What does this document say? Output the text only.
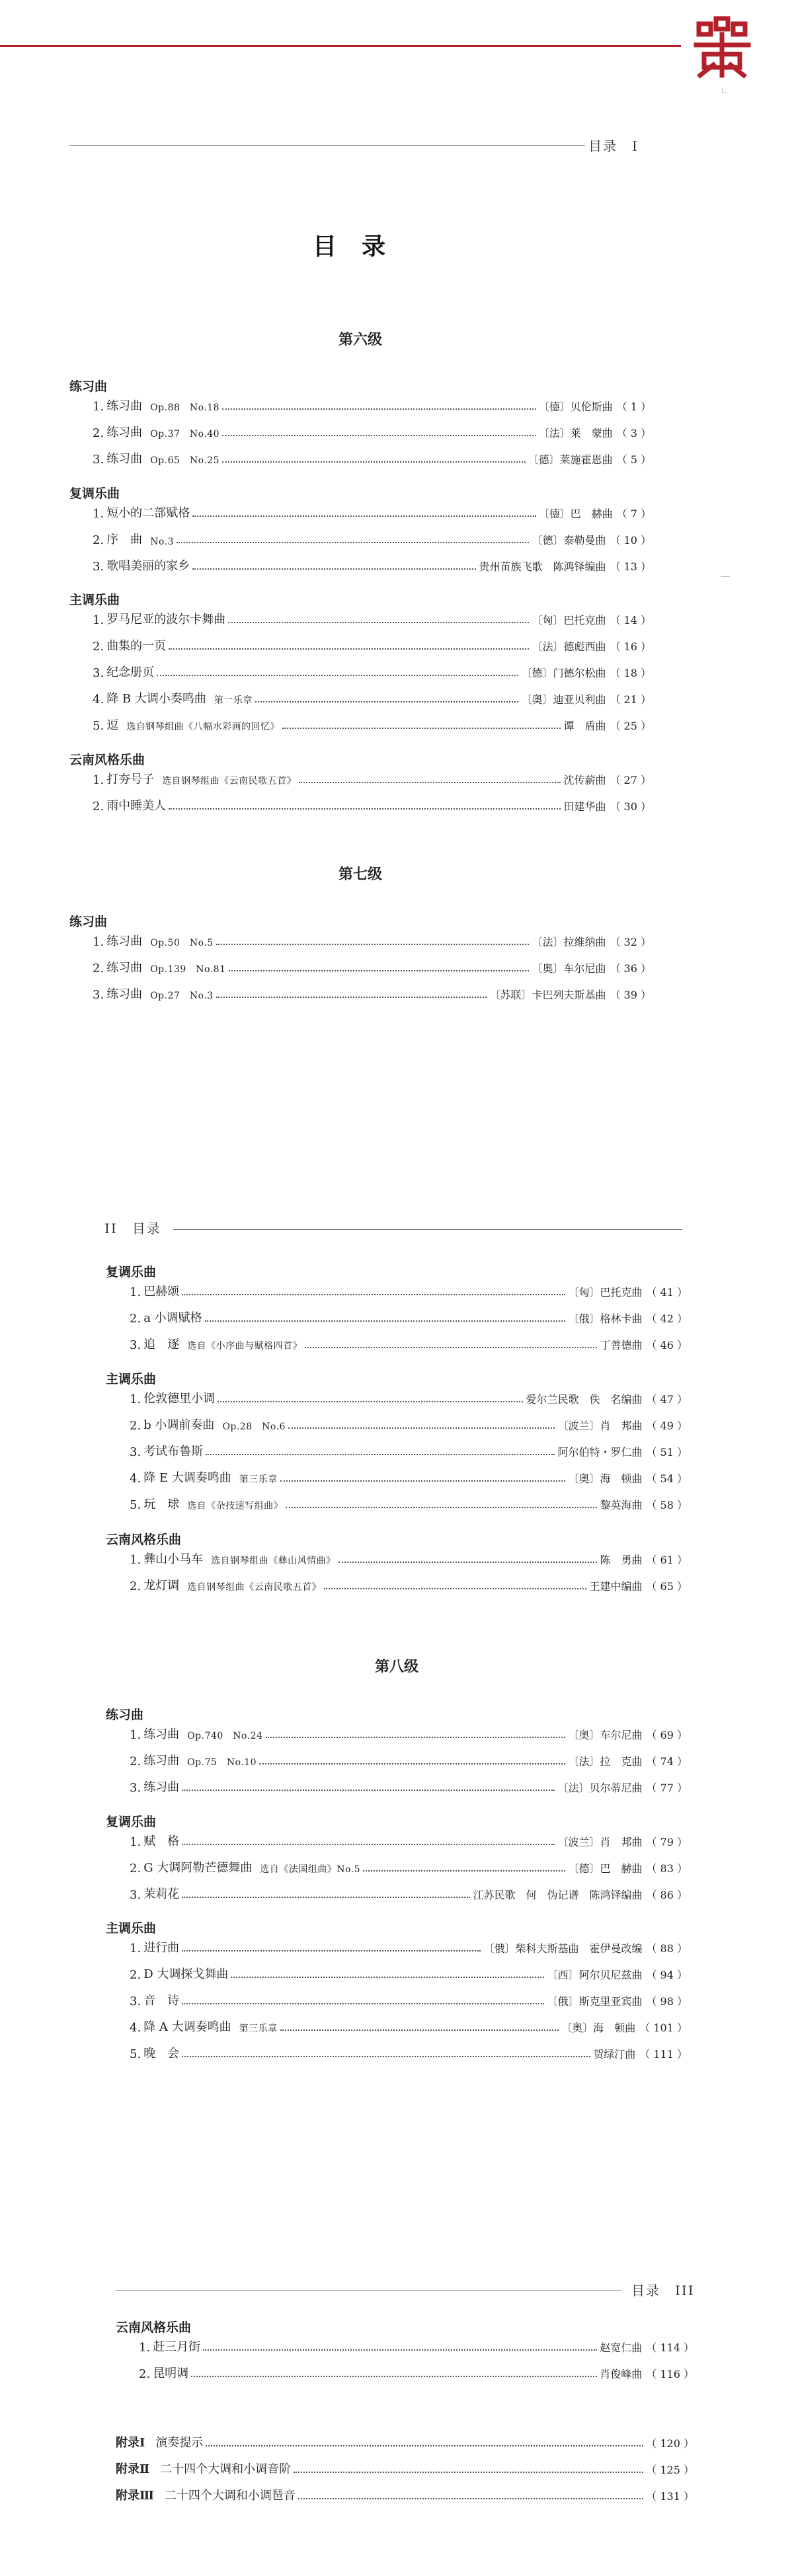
∟
目录 I
目录
第六级
练习曲
1. 练习曲 Op.88　No.18	〔德〕贝伦斯曲 （ 1 ）
2. 练习曲 Op.37　No.40	〔法〕莱　蒙曲 （ 3 ）
3. 练习曲 Op.65　No.25	〔德〕莱施霍恩曲 （ 5 ）
复调乐曲
1. 短小的二部赋格	〔德〕巴　赫曲 （ 7 ）
2. 序　曲 No.3	〔德〕泰勒曼曲 （ 10 ）
3. 歌唱美丽的家乡	贵州苗族飞歌　陈鸿铎编曲 （ 13 ）
主调乐曲
1. 罗马尼亚的波尔卡舞曲	〔匈〕巴托克曲 （ 14 ）
2. 曲集的一页	〔法〕德彪西曲 （ 16 ）
3. 纪念册页	〔德〕门德尔松曲 （ 18 ）
4. 降 B 大调小奏鸣曲 第一乐章	〔奥〕迪亚贝利曲 （ 21 ）
5. 逗 选自钢琴组曲《八幅水彩画的回忆》	谭　盾曲 （ 25 ）
云南风格乐曲
1. 打夯号子 选自钢琴组曲《云南民歌五首》	沈传薪曲 （ 27 ）
2. 雨中睡美人	田建华曲 （ 30 ）
第七级
练习曲
1. 练习曲 Op.50　No.5	〔法〕拉维纳曲 （ 32 ）
2. 练习曲 Op.139　No.81	〔奥〕车尔尼曲 （ 36 ）
3. 练习曲 Op.27　No.3	〔苏联〕卡巴列夫斯基曲 （ 39 ）
II 目录
复调乐曲
1. 巴赫颂	〔匈〕巴托克曲 （ 41 ）
2. a 小调赋格	〔俄〕格林卡曲 （ 42 ）
3. 追　逐 选自《小序曲与赋格四首》	丁善德曲 （ 46 ）
主调乐曲
1. 伦敦德里小调	爱尔兰民歌　佚　名编曲 （ 47 ）
2. b 小调前奏曲 Op.28　No.6	〔波兰〕肖　邦曲 （ 49 ）
3. 考试布鲁斯	阿尔伯特・罗仁曲 （ 51 ）
4. 降 E 大调奏鸣曲 第三乐章	〔奥〕海　顿曲 （ 54 ）
5. 玩　球 选自《杂技速写组曲》	黎英海曲 （ 58 ）
云南风格乐曲
1. 彝山小马车 选自钢琴组曲《彝山风情曲》	陈　勇曲 （ 61 ）
2. 龙灯调 选自钢琴组曲《云南民歌五首》	王建中编曲 （ 65 ）
第八级
练习曲
1. 练习曲 Op.740　No.24	〔奥〕车尔尼曲 （ 69 ）
2. 练习曲 Op.75　No.10	〔法〕拉　克曲 （ 74 ）
3. 练习曲	〔法〕贝尔蒂尼曲 （ 77 ）
复调乐曲
1. 赋　格	〔波兰〕肖　邦曲 （ 79 ）
2. G 大调阿勒芒德舞曲 选自《法国组曲》No.5	〔德〕巴　赫曲 （ 83 ）
3. 茉莉花	江苏民歌　何　伪记谱　陈鸿铎编曲 （ 86 ）
主调乐曲
1. 进行曲	〔俄〕柴科夫斯基曲　霍伊曼改编 （ 88 ）
2. D 大调探戈舞曲	〔西〕阿尔贝尼兹曲 （ 94 ）
3. 音　诗	〔俄〕斯克里亚宾曲 （ 98 ）
4. 降 A 大调奏鸣曲 第三乐章	〔奥〕海　顿曲 （ 101 ）
5. 晚　会	贺绿汀曲 （ 111 ）
目录 III
云南风格乐曲
1. 赶三月街	赵宽仁曲 （ 114 ）
2. 昆明调	肖俊峰曲 （ 116 ）
附录Ⅰ 演奏提示	（ 120 ）
附录Ⅱ 二十四个大调和小调音阶	（ 125 ）
附录Ⅲ 二十四个大调和小调琶音	（ 131 ）
